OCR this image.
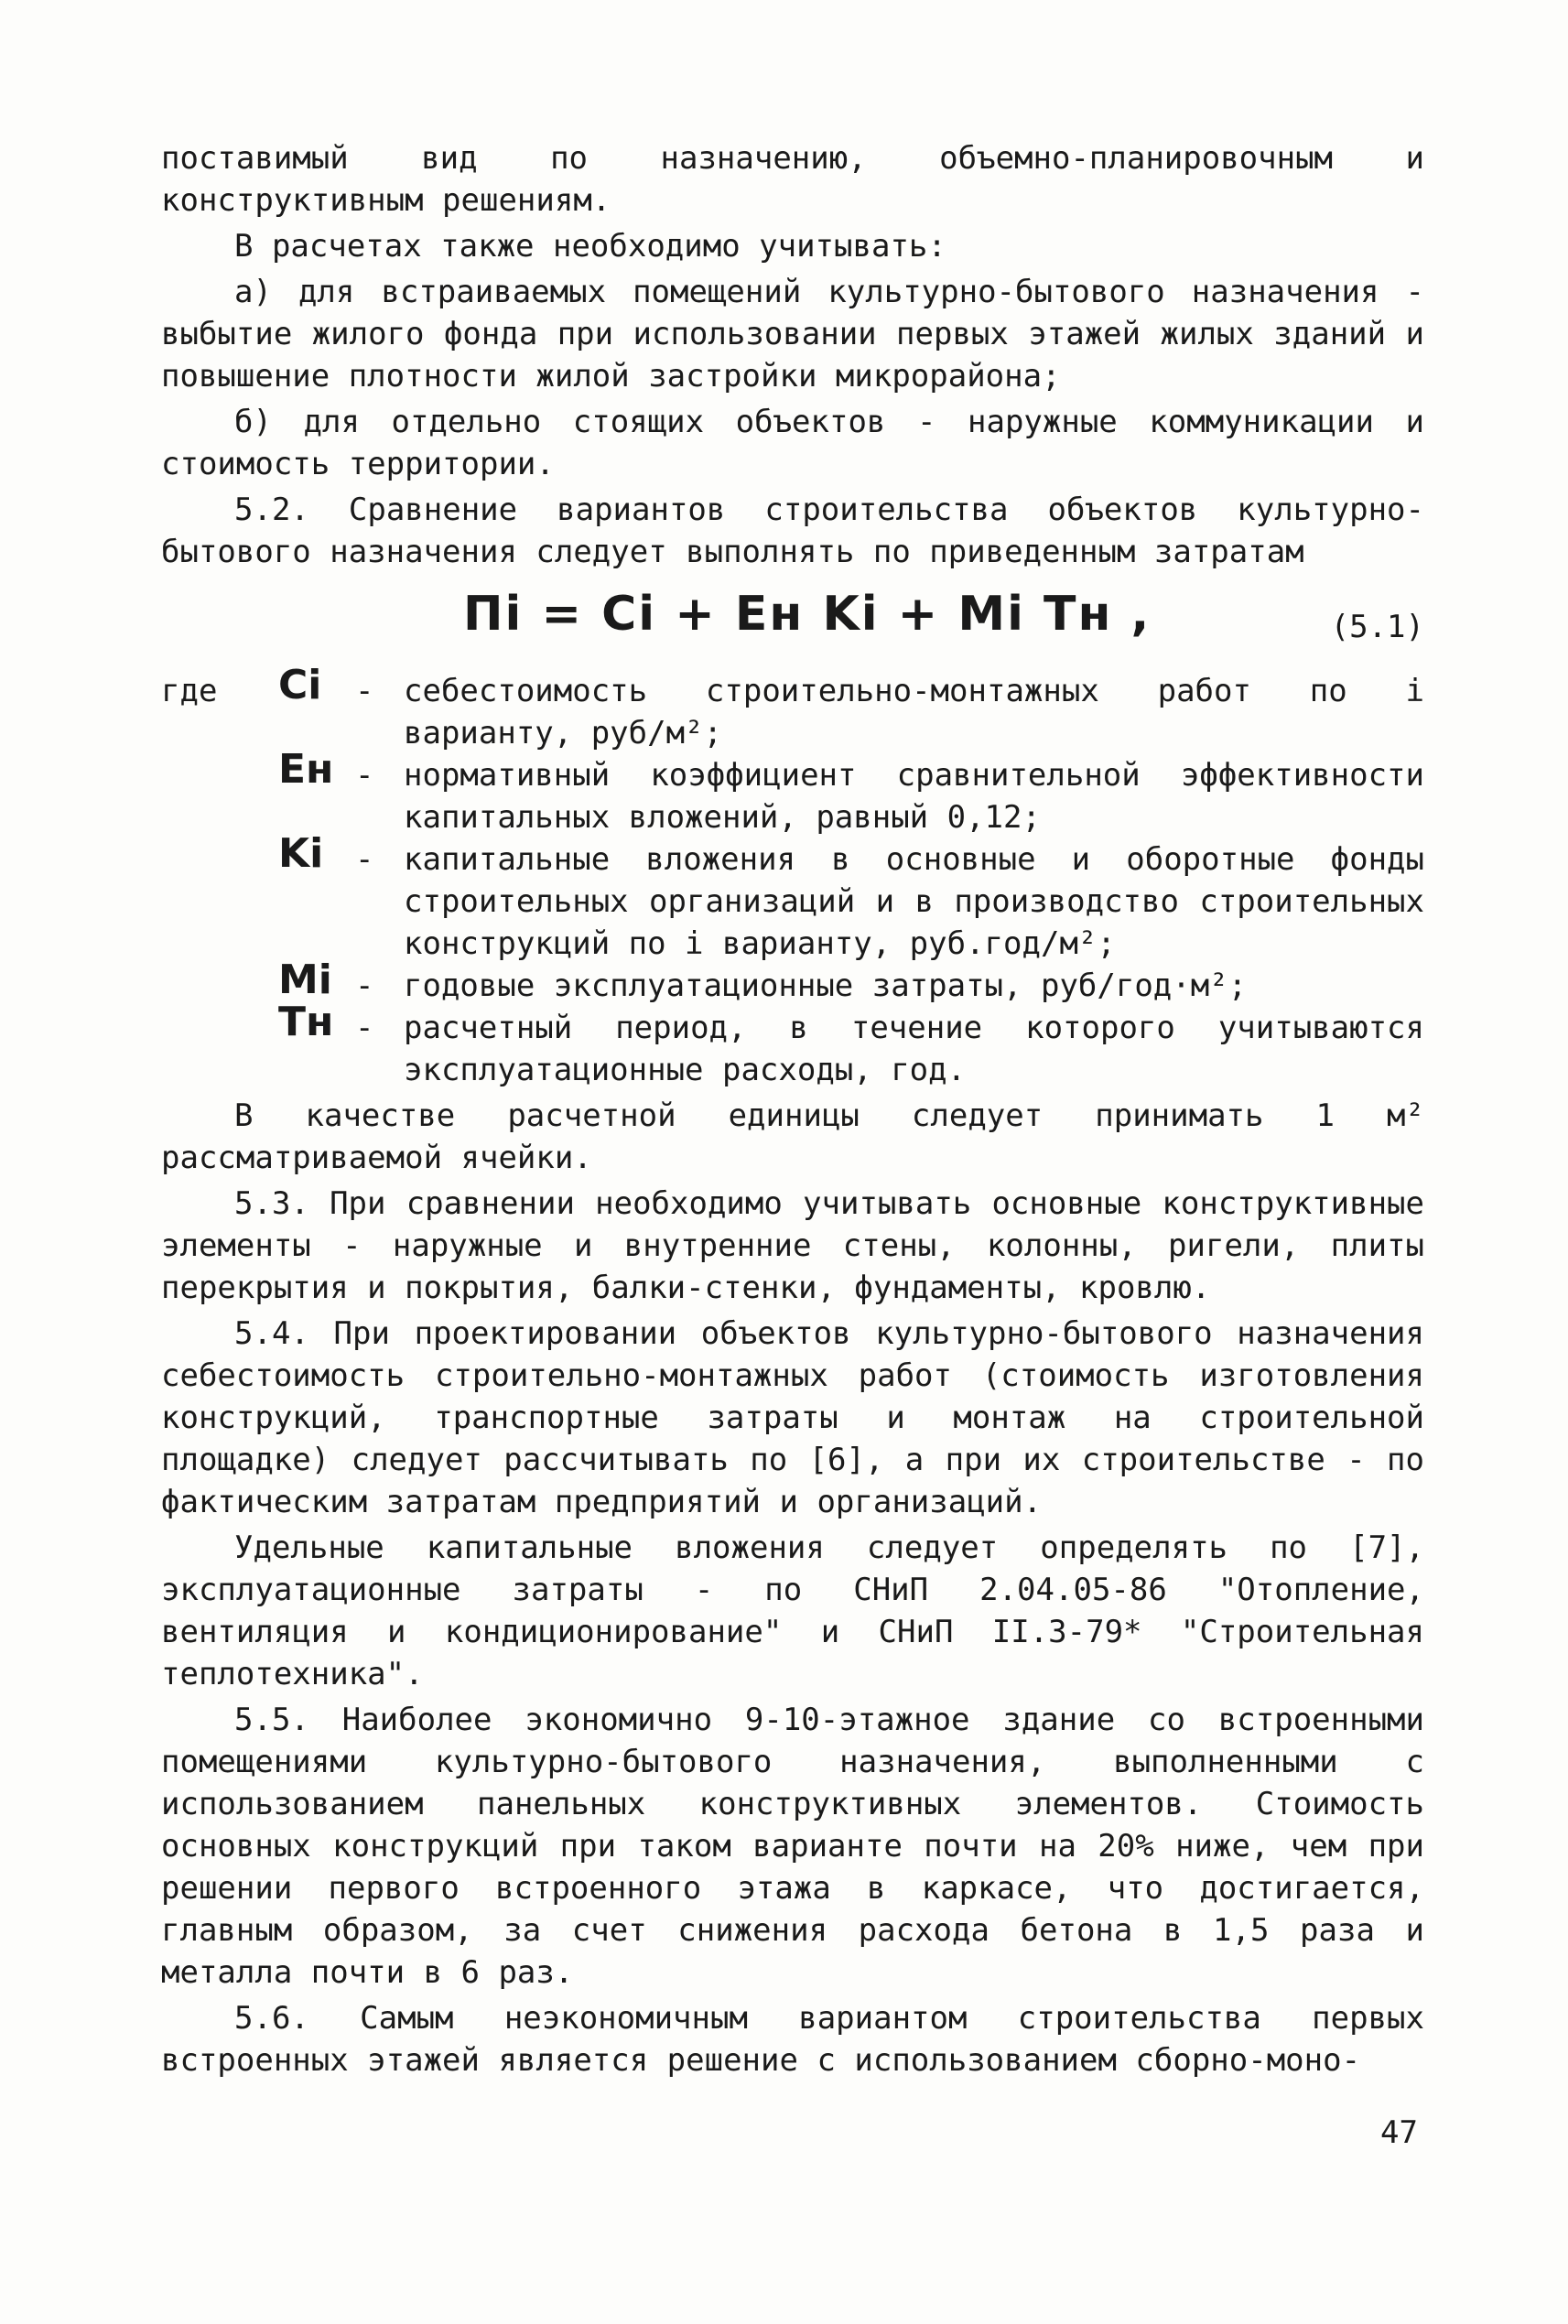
поставимый вид по назначению, объемно-планировочным и конструктивным решениям.

В расчетах также необходимо учитывать:

а) для встраиваемых помещений культурно-бытового назначения - выбытие жилого фонда при использовании первых этажей жилых зданий и повышение плотности жилой застройки микрорайона;

б) для отдельно стоящих объектов - наружные коммуникации и стоимость территории.

5.2. Сравнение вариантов строительства объектов культурно-бытового назначения следует выполнять по приведенным затратам

Пi = Ci + Eн Ki + Mi Tн ,	(5.1)
где Ci - себестоимость строительно-монтажных работ по i варианту, руб/м²;

Eн - нормативный коэффициент сравнительной эффективности капитальных вложений, равный 0,12;

Ki - капитальные вложения в основные и оборотные фонды строительных организаций и в производство строительных конструкций по i варианту, руб.год/м²;

Mi - годовые эксплуатационные затраты, руб/год·м²;

Тн - расчетный период, в течение которого учитываются эксплуатационные расходы, год.

В качестве расчетной единицы следует принимать 1 м² рассматриваемой ячейки.

5.3. При сравнении необходимо учитывать основные конструктивные элементы - наружные и внутренние стены, колонны, ригели, плиты перекрытия и покрытия, балки-стенки, фундаменты, кровлю.

5.4. При проектировании объектов культурно-бытового назначения себестоимость строительно-монтажных работ (стоимость изготовления конструкций, транспортные затраты и монтаж на строительной площадке) следует рассчитывать по [6], а при их строительстве - по фактическим затратам предприятий и организаций.

Удельные капитальные вложения следует определять по [7], эксплуатационные затраты - по СНиП 2.04.05-86 "Отопление, вентиляция и кондиционирование" и СНиП II.3-79* "Строительная теплотехника".

5.5. Наиболее экономично 9-10-этажное здание со встроенными помещениями культурно-бытового назначения, выполненными с использованием панельных конструктивных элементов. Стоимость основных конструкций при таком варианте почти на 20% ниже, чем при решении первого встроенного этажа в каркасе, что достигается, главным образом, за счет снижения расхода бетона в 1,5 раза и металла почти в 6 раз.

5.6. Самым неэкономичным вариантом строительства первых встроенных этажей является решение с использованием сборно-моно-

47
